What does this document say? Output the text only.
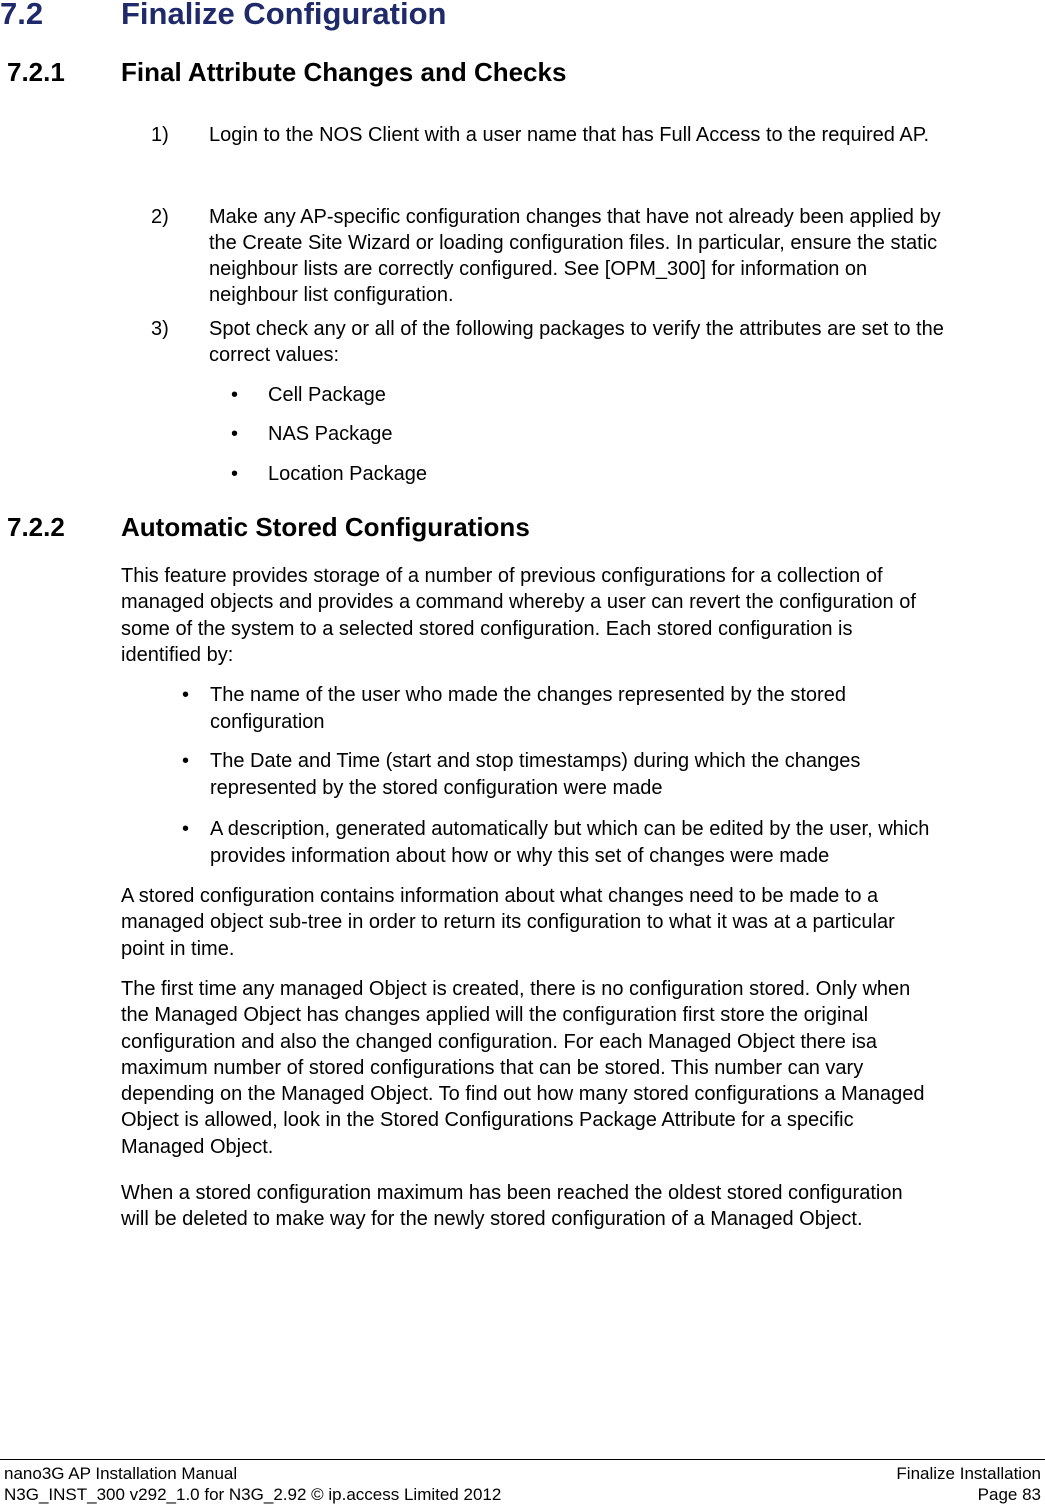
7.2	Finalize Configuration
7.2.1 Final Attribute Changes and Checks
1) Login to the NOS Client with a user name that has Full Access to the required AP.
2) Make any AP-specific configuration changes that have not already been applied by
the Create Site Wizard or loading configuration files. In particular, ensure the static
neighbour lists are correctly configured. See [OPM_300] for information on
neighbour list configuration.
3) Spot check any or all of the following packages to verify the attributes are set to the
correct values:
• Cell Package
• NAS Package
• Location Package
7.2.2 Automatic Stored Configurations
This feature provides storage of a number of previous configurations for a collection of
managed objects and provides a command whereby a user can revert the configuration of
some of the system to a selected stored configuration. Each stored configuration is
identified by:
• The name of the user who made the changes represented by the stored
configuration
• The Date and Time (start and stop timestamps) during which the changes
represented by the stored configuration were made
• A description, generated automatically but which can be edited by the user, which
provides information about how or why this set of changes were made
A stored configuration contains information about what changes need to be made to a
managed object sub-tree in order to return its configuration to what it was at a particular
point in time.
The first time any managed Object is created, there is no configuration stored. Only when
the Managed Object has changes applied will the configuration first store the original
configuration and also the changed configuration. For each Managed Object there isa
maximum number of stored configurations that can be stored. This number can vary
depending on the Managed Object. To find out how many stored configurations a Managed
Object is allowed, look in the Stored Configurations Package Attribute for a specific
Managed Object.
When a stored configuration maximum has been reached the oldest stored configuration
will be deleted to make way for the newly stored configuration of a Managed Object.
nano3G AP Installation Manual
N3G_INST_300 v292_1.0 for N3G_2.92 © ip.access Limited 2012
Finalize Installation
Page 83
